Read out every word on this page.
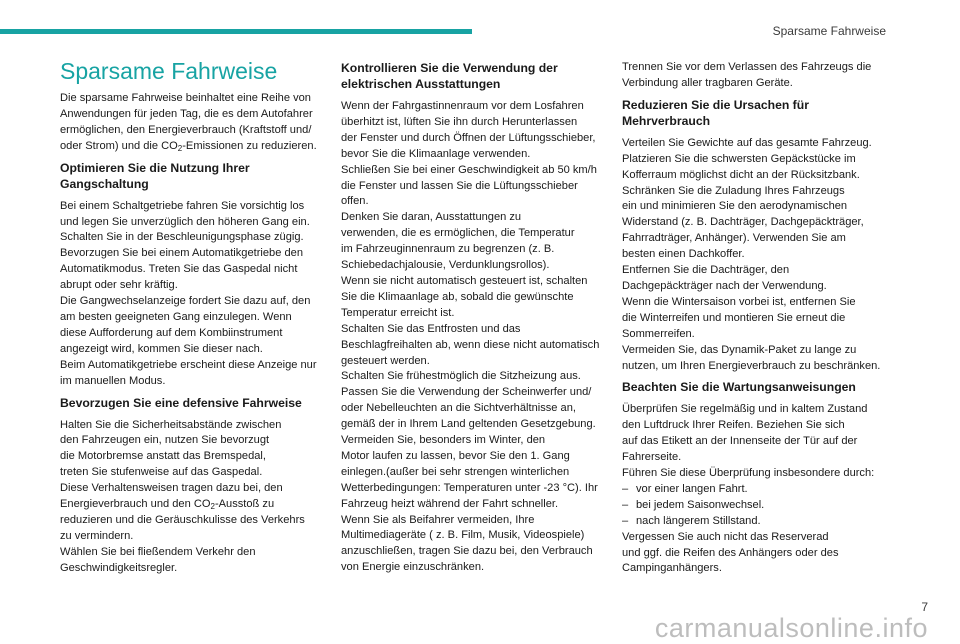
Sparsame Fahrweise
Sparsame Fahrweise

Die sparsame Fahrweise beinhaltet eine Reihe von
Anwendungen für jeden Tag, die es dem Autofahrer
ermöglichen, den Energieverbrauch (Kraftstoff und/
oder Strom) und die $CO_2$-Emissionen zu reduzieren.

Optimieren Sie die Nutzung Ihrer
Gangschaltung

Bei einem Schaltgetriebe fahren Sie vorsichtig los
und legen Sie unverzüglich den höheren Gang ein.
Schalten Sie in der Beschleunigungsphase zügig.
Bevorzugen Sie bei einem Automatikgetriebe den
Automatikmodus. Treten Sie das Gaspedal nicht
abrupt oder sehr kräftig.
Die Gangwechselanzeige fordert Sie dazu auf, den
am besten geeigneten Gang einzulegen. Wenn
diese Aufforderung auf dem Kombiinstrument
angezeigt wird, kommen Sie dieser nach.
Beim Automatikgetriebe erscheint diese Anzeige nur
im manuellen Modus.

Bevorzugen Sie eine defensive Fahrweise

Halten Sie die Sicherheitsabstände zwischen
den Fahrzeugen ein, nutzen Sie bevorzugt
die Motorbremse anstatt das Bremspedal,
treten Sie stufenweise auf das Gaspedal.
Diese Verhaltensweisen tragen dazu bei, den
Energieverbrauch und den $CO_2$-Ausstoß zu
reduzieren und die Geräuschkulisse des Verkehrs
zu vermindern.
Wählen Sie bei fließendem Verkehr den
Geschwindigkeitsregler.

Kontrollieren Sie die Verwendung der
elektrischen Ausstattungen

Wenn der Fahrgastinnenraum vor dem Losfahren
überhitzt ist, lüften Sie ihn durch Herunterlassen
der Fenster und durch Öffnen der Lüftungsschieber,
bevor Sie die Klimaanlage verwenden.
Schließen Sie bei einer Geschwindigkeit ab 50 km/h
die Fenster und lassen Sie die Lüftungsschieber
offen.
Denken Sie daran, Ausstattungen zu
verwenden, die es ermöglichen, die Temperatur
im Fahrzeuginnenraum zu begrenzen (z. B.
Schiebedachjalousie, Verdunklungsrollos).
Wenn sie nicht automatisch gesteuert ist, schalten
Sie die Klimaanlage ab, sobald die gewünschte
Temperatur erreicht ist.
Schalten Sie das Entfrosten und das
Beschlagfreihalten ab, wenn diese nicht automatisch
gesteuert werden.
Schalten Sie frühestmöglich die Sitzheizung aus.
Passen Sie die Verwendung der Scheinwerfer und/
oder Nebelleuchten an die Sichtverhältnisse an,
gemäß der in Ihrem Land geltenden Gesetzgebung.
Vermeiden Sie, besonders im Winter, den
Motor laufen zu lassen, bevor Sie den 1. Gang
einlegen.(außer bei sehr strengen winterlichen
Wetterbedingungen: Temperaturen unter -23 °C). Ihr
Fahrzeug heizt während der Fahrt schneller.
Wenn Sie als Beifahrer vermeiden, Ihre
Multimediageräte ( z. B. Film, Musik, Videospiele)
anzuschließen, tragen Sie dazu bei, den Verbrauch
von Energie einzuschränken.

Trennen Sie vor dem Verlassen des Fahrzeugs die
Verbindung aller tragbaren Geräte.

Reduzieren Sie die Ursachen für
Mehrverbrauch

Verteilen Sie Gewichte auf das gesamte Fahrzeug.
Platzieren Sie die schwersten Gepäckstücke im
Kofferraum möglichst dicht an der Rücksitzbank.
Schränken Sie die Zuladung Ihres Fahrzeugs
ein und minimieren Sie den aerodynamischen
Widerstand (z. B. Dachträger, Dachgepäckträger,
Fahrradträger, Anhänger). Verwenden Sie am
besten einen Dachkoffer.
Entfernen Sie die Dachträger, den
Dachgepäckträger nach der Verwendung.
Wenn die Wintersaison vorbei ist, entfernen Sie
die Winterreifen und montieren Sie erneut die
Sommerreifen.
Vermeiden Sie, das Dynamik-Paket zu lange zu
nutzen, um Ihren Energieverbrauch zu beschränken.

Beachten Sie die Wartungsanweisungen

Überprüfen Sie regelmäßig und in kaltem Zustand
den Luftdruck Ihrer Reifen. Beziehen Sie sich
auf das Etikett an der Innenseite der Tür auf der
Fahrerseite.
Führen Sie diese Überprüfung insbesondere durch:

– vor einer langen Fahrt.
– bei jedem Saisonwechsel.
– nach längerem Stillstand.

Vergessen Sie auch nicht das Reserverad
und ggf. die Reifen des Anhängers oder des
Campinganhängers.

7
carmanualsonline.info
